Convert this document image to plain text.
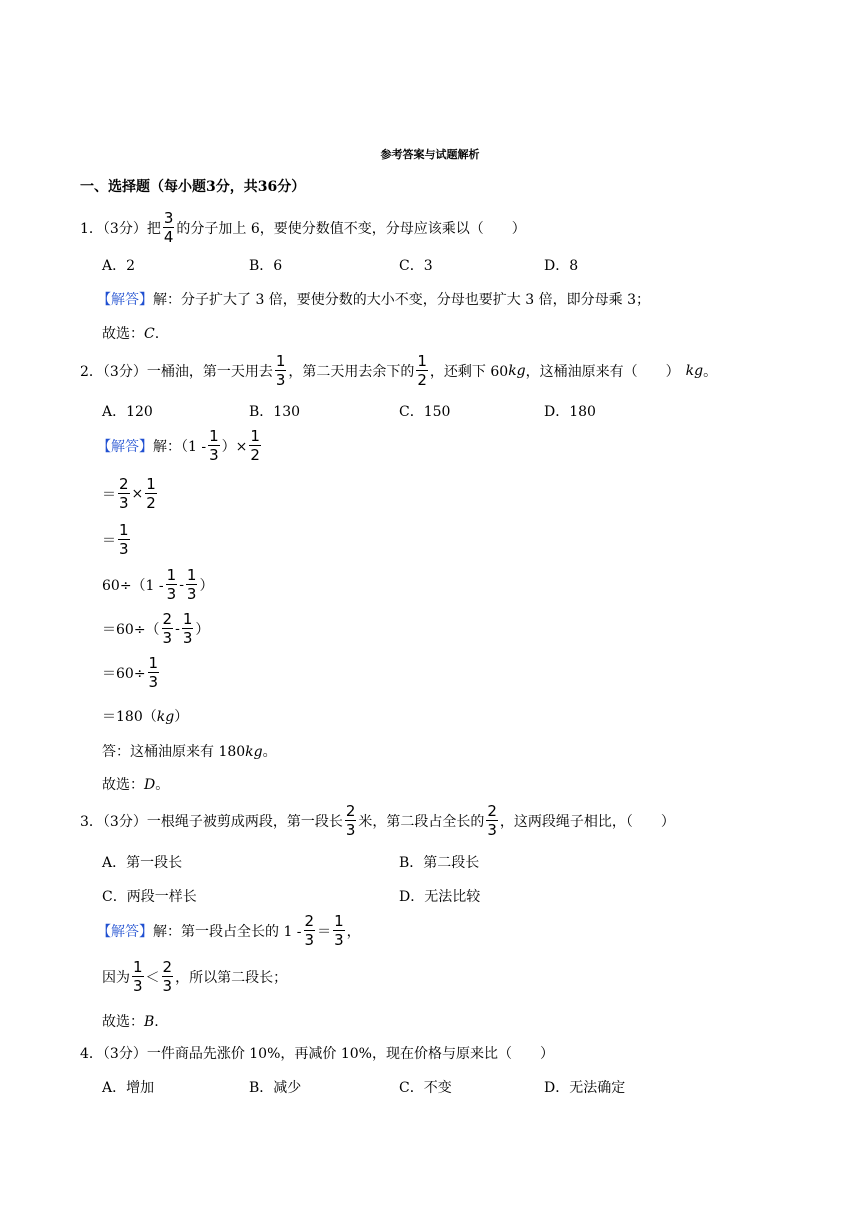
参考答案与试题解析
一、选择题（每小题3分，共36分）
1．（3分）把 $\frac{3}{4}$ 的分子加上 6，要使分数值不变，分母应该乘以（　　）
A．2	B．6	C．3	D．8
【解答】解：分子扩大了 3 倍，要使分数的大小不变，分母也要扩大 3 倍，即分母乘 3；
故选：C.
2．（3分）一桶油，第一天用去 $\frac{1}{3}$ ，第二天用去余下的 $\frac{1}{2}$ ，还剩下 60 kg ，这桶油原来有（　　） kg 。
A．120	B．130	C．150	D．180
【解答】 解：（$1 - \frac{1}{3}$ ）× $\frac{1}{2}$
＝ $\frac{2}{3} \times \frac{1}{2}$
＝ $\frac{1}{3}$
$60\div(1 - \frac{1}{3} - \frac{1}{3}$ ）
$=60\div( \frac{2}{3} - \frac{1}{3}$ ）
$=60\div \frac{1}{3}$
＝180（kg）
答：这桶油原来有 180kg。
故选：D。
3．（3分）一根绳子被剪成两段，第一段长 $\frac{2}{3}$ 米，第二段占全长的 $\frac{2}{3}$ ，这两段绳子相比，（　　）
A．第一段长	B．第二段长
C．两段一样长	D．无法比较
【解答】 解：第一段占全长的 $1 - \frac{2}{3} = \frac{1}{3}$ ，
因为 $\frac{1}{3} < \frac{2}{3}$ ，所以第二段长；
故选：B.
4．（3分）一件商品先涨价 10%，再减价 10%，现在价格与原来比（　　）
A．增加	B．减少	C．不变	D．无法确定
